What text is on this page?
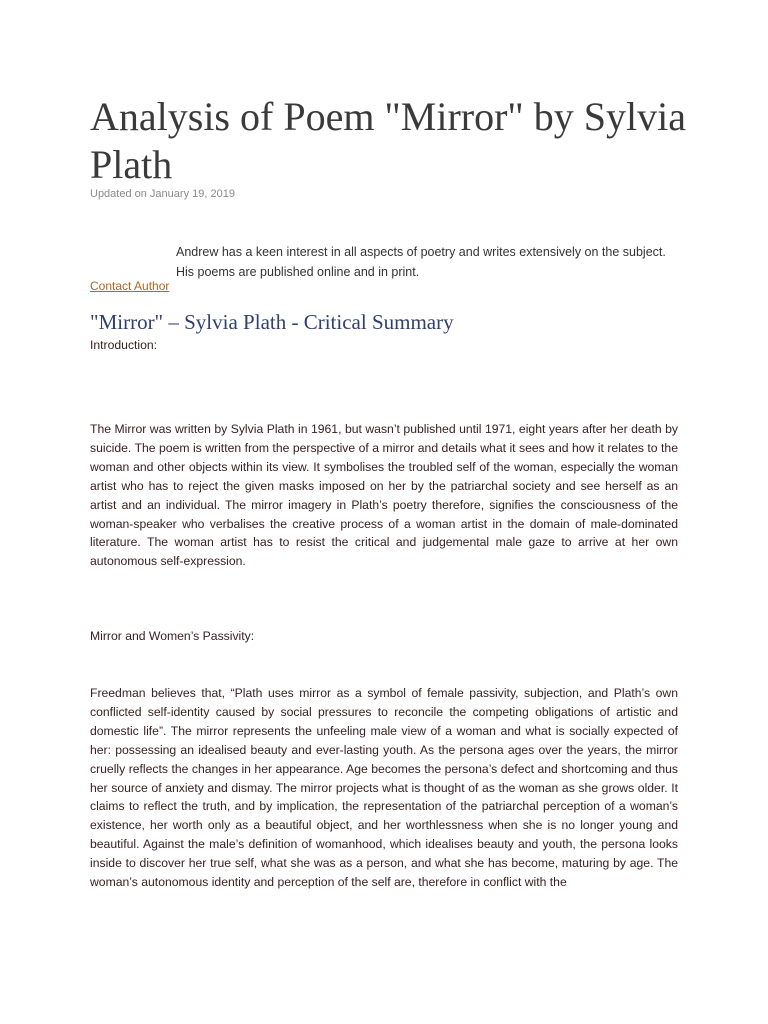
Analysis of Poem "Mirror" by Sylvia Plath
Updated on January 19, 2019

Andrew has a keen interest in all aspects of poetry and writes extensively on the subject. His poems are published online and in print.

Contact Author
"Mirror" – Sylvia Plath - Critical Summary

Introduction:

The Mirror was written by Sylvia Plath in 1961, but wasn’t published until 1971, eight years after her death by suicide. The poem is written from the perspective of a mirror and details what it sees and how it relates to the woman and other objects within its view. It symbolises the troubled self of the woman, especially the woman artist who has to reject the given masks imposed on her by the patriarchal society and see herself as an artist and an individual. The mirror imagery in Plath’s poetry therefore, signifies the consciousness of the woman-speaker who verbalises the creative process of a woman artist in the domain of male-dominated literature. The woman artist has to resist the critical and judgemental male gaze to arrive at her own autonomous self-expression.

Mirror and Women’s Passivity:

Freedman believes that, “Plath uses mirror as a symbol of female passivity, subjection, and Plath’s own conflicted self-identity caused by social pressures to reconcile the competing obligations of artistic and domestic life”. The mirror represents the unfeeling male view of a woman and what is socially expected of her: possessing an idealised beauty and ever-lasting youth. As the persona ages over the years, the mirror cruelly reflects the changes in her appearance. Age becomes the persona’s defect and shortcoming and thus her source of anxiety and dismay. The mirror projects what is thought of as the woman as she grows older. It claims to reflect the truth, and by implication, the representation of the patriarchal perception of a woman’s existence, her worth only as a beautiful object, and her worthlessness when she is no longer young and beautiful. Against the male’s definition of womanhood, which idealises beauty and youth, the persona looks inside to discover her true self, what she was as a person, and what she has become, maturing by age. The woman’s autonomous identity and perception of the self are, therefore in conflict with the
